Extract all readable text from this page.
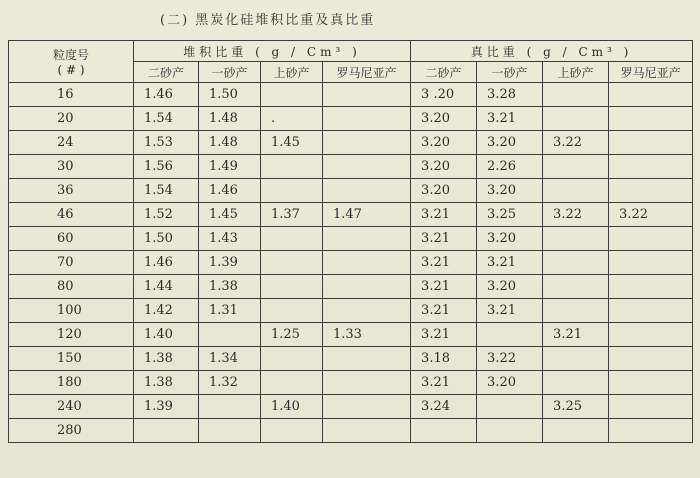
(二) 黑炭化硅堆积比重及真比重
粒度号
( # )	堆积比重 ( g / Cm³ )				真比重 ( g / Cm³ )			
	二砂产	一砂产	上砂产	罗马尼亚产	二砂产	一砂产	上砂产	罗马尼亚产
16	1.46	1.50			3 .20	3.28		
20	1.54	1.48	.		3.20	3.21		
24	1.53	1.48	1.45		3.20	3.20	3.22	
30	1.56	1.49			3.20	2.26		
36	1.54	1.46			3.20	3.20		
46	1.52	1.45	1.37	1.47	3.21	3.25	3.22	3.22
60	1.50	1.43			3.21	3.20		
70	1.46	1.39			3.21	3.21		
80	1.44	1.38			3.21	3.20		
100	1.42	1.31			3.21	3.21		
120	1.40		1.25	1.33	3.21		3.21	
150	1.38	1.34			3.18	3.22		
180	1.38	1.32			3.21	3.20		
240	1.39		1.40		3.24		3.25	
280								
